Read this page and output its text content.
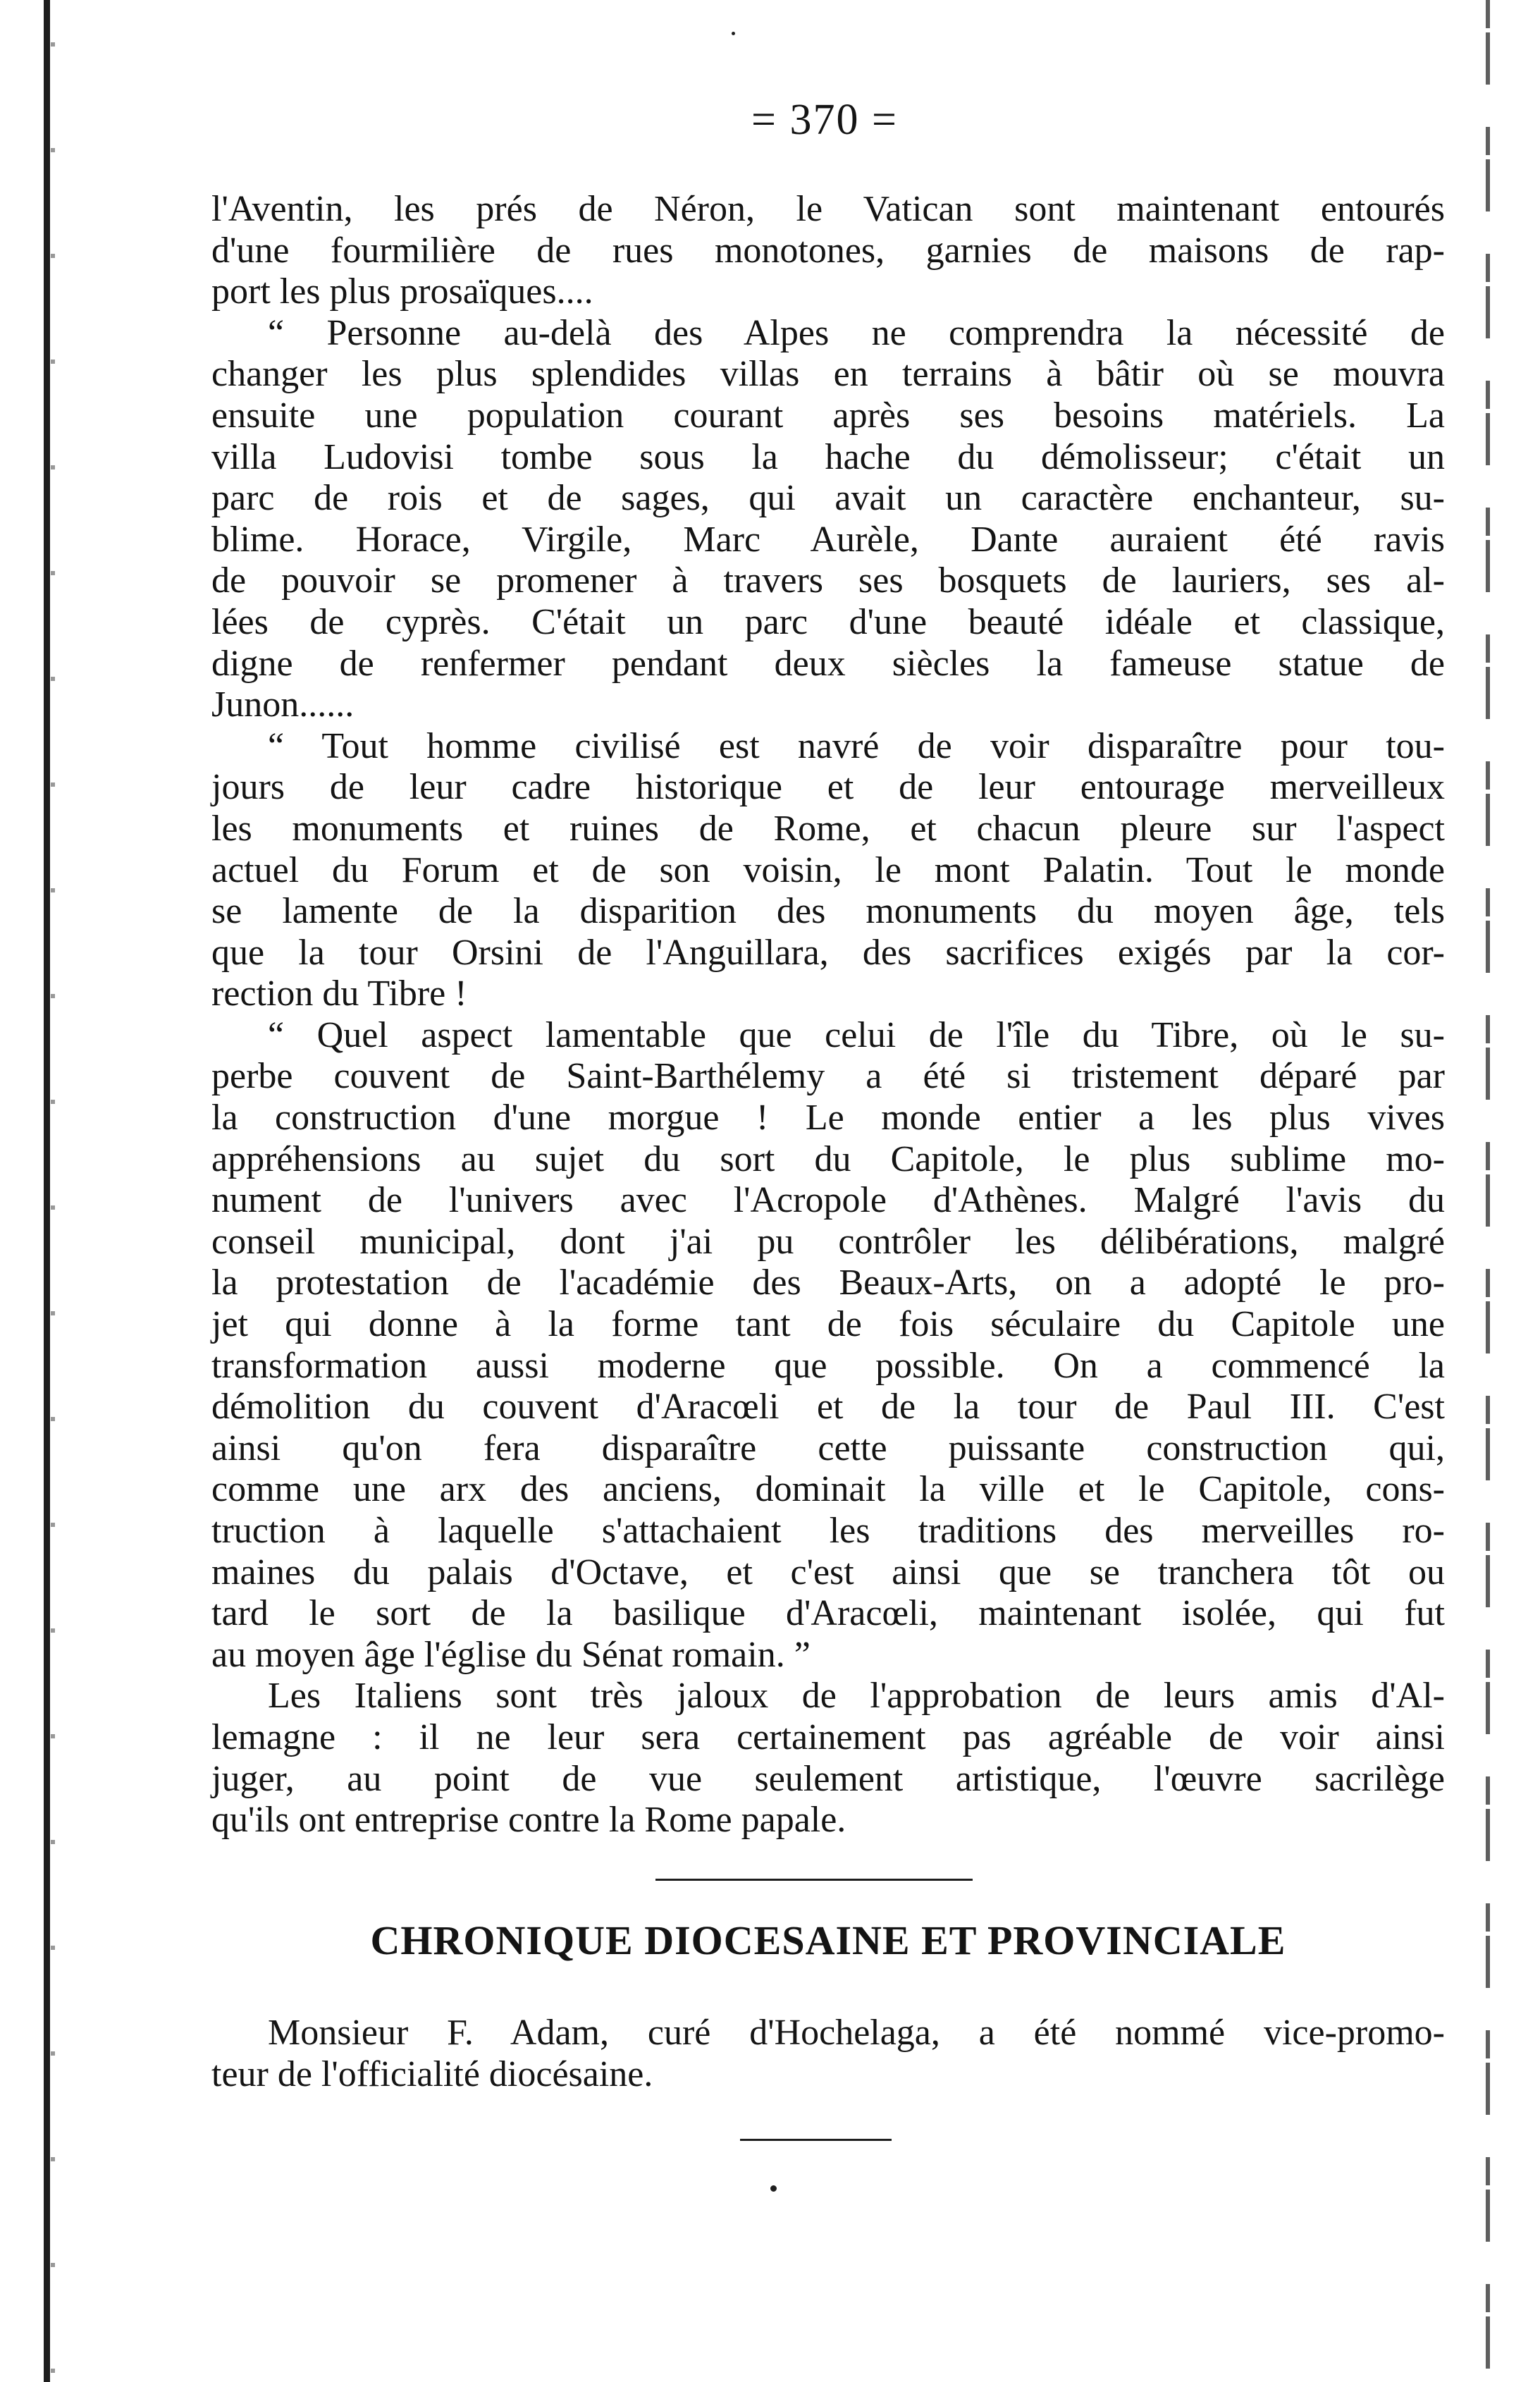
= 370 =
l'Aventin, les prés de Néron, le Vatican sont maintenant entourés
d'une fourmilière de rues monotones, garnies de maisons de rap-
port les plus prosaïques....
“ Personne au-delà des Alpes ne comprendra la nécessité de
changer les plus splendides villas en terrains à bâtir où se mouvra
ensuite une population courant après ses besoins matériels. La
villa Ludovisi tombe sous la hache du démolisseur; c'était un
parc de rois et de sages, qui avait un caractère enchanteur, su-
blime. Horace, Virgile, Marc Aurèle, Dante auraient été ravis
de pouvoir se promener à travers ses bosquets de lauriers, ses al-
lées de cyprès. C'était un parc d'une beauté idéale et classique,
digne de renfermer pendant deux siècles la fameuse statue de
Junon......
“ Tout homme civilisé est navré de voir disparaître pour tou-
jours de leur cadre historique et de leur entourage merveilleux
les monuments et ruines de Rome, et chacun pleure sur l'aspect
actuel du Forum et de son voisin, le mont Palatin. Tout le monde
se lamente de la disparition des monuments du moyen âge, tels
que la tour Orsini de l'Anguillara, des sacrifices exigés par la cor-
rection du Tibre !
“ Quel aspect lamentable que celui de l'île du Tibre, où le su-
perbe couvent de Saint-Barthélemy a été si tristement déparé par
la construction d'une morgue ! Le monde entier a les plus vives
appréhensions au sujet du sort du Capitole, le plus sublime mo-
nument de l'univers avec l'Acropole d'Athènes. Malgré l'avis du
conseil municipal, dont j'ai pu contrôler les délibérations, malgré
la protestation de l'académie des Beaux-Arts, on a adopté le pro-
jet qui donne à la forme tant de fois séculaire du Capitole une
transformation aussi moderne que possible. On a commencé la
démolition du couvent d'Aracœli et de la tour de Paul III. C'est
ainsi qu'on fera disparaître cette puissante construction qui,
comme une arx des anciens, dominait la ville et le Capitole, cons-
truction à laquelle s'attachaient les traditions des merveilles ro-
maines du palais d'Octave, et c'est ainsi que se tranchera tôt ou
tard le sort de la basilique d'Aracœli, maintenant isolée, qui fut
au moyen âge l'église du Sénat romain. ”
Les Italiens sont très jaloux de l'approbation de leurs amis d'Al-
lemagne : il ne leur sera certainement pas agréable de voir ainsi
juger, au point de vue seulement artistique, l'œuvre sacrilège
qu'ils ont entreprise contre la Rome papale.
CHRONIQUE DIOCESAINE ET PROVINCIALE
Monsieur F. Adam, curé d'Hochelaga, a été nommé vice-promo-
teur de l'officialité diocésaine.
